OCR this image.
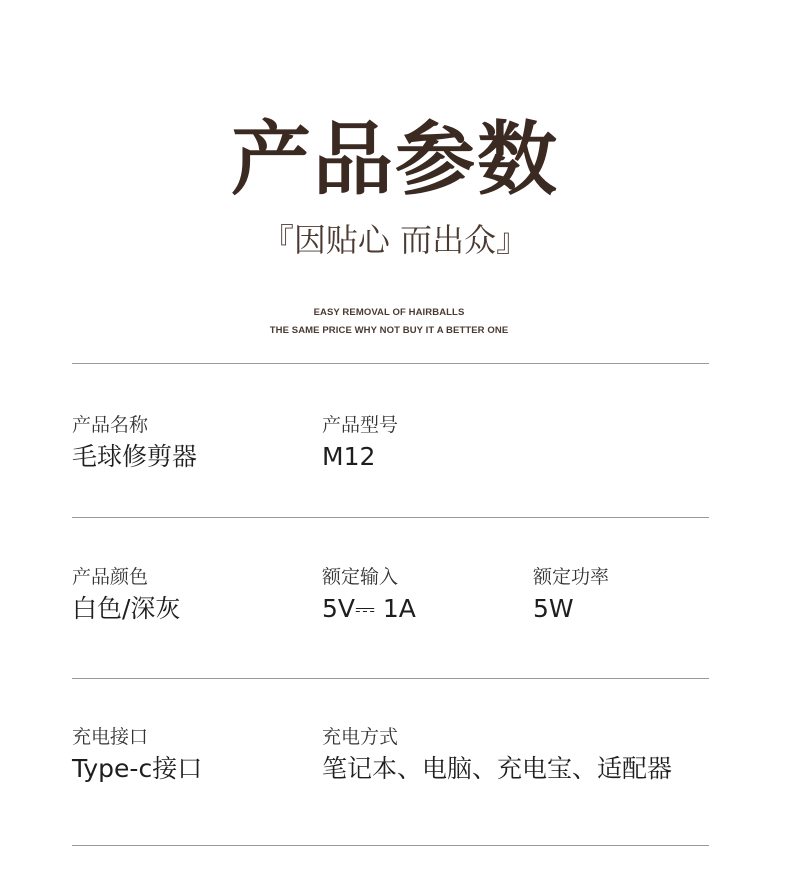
产品参数
『因贴心 而出众』
EASY REMOVAL OF HAIRBALLS
THE SAME PRICE WHY NOT BUY IT A BETTER ONE
产品名称
毛球修剪器
产品型号
M12
产品颜色
白色/深灰
额定输入
5V⎓ 1A
额定功率
5W
充电接口
Type-c接口
充电方式
笔记本、电脑、充电宝、适配器
